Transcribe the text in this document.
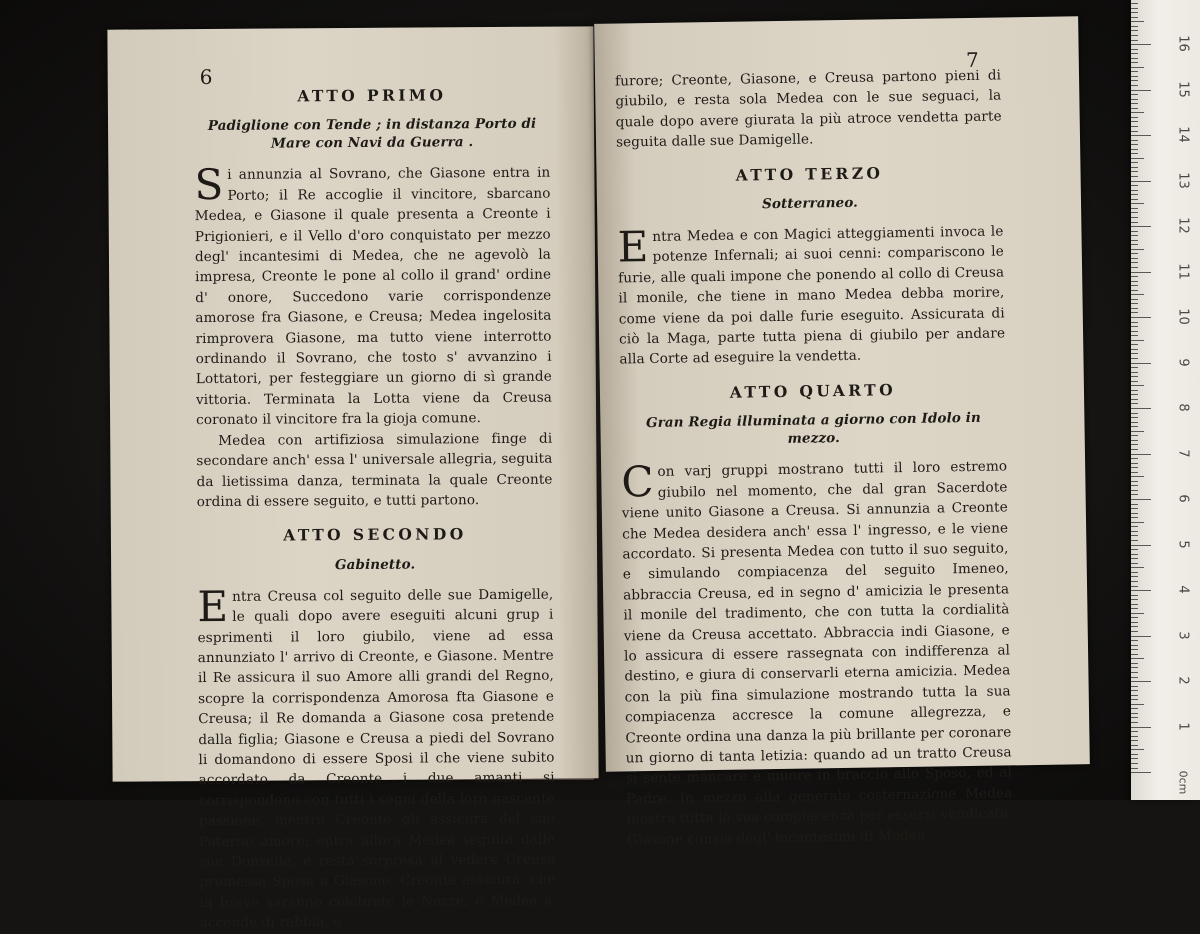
6
ATTO PRIMO
Padiglione con Tende ; in distanza Porto di Mare con Navi da Guerra .

Si annunzia al Sovrano, che Giasone entra in Porto; il Re accoglie il vincitore, sbarcano Medea, e Giasone il quale presenta a Creonte i Prigionieri, e il Vello d'oro conquistato per mezzo degl' incantesimi di Medea, che ne agevolò la impresa, Creonte le pone al collo il grand' ordine d' onore, Succedono varie corrispondenze amorose fra Giasone, e Creusa; Medea ingelosita rimprovera Giasone, ma tutto viene interrotto ordinando il Sovrano, che tosto s' avvanzino i Lottatori, per festeggiare un giorno di sì grande vittoria. Terminata la Lotta viene da Creusa coronato il vincitore fra la gioja comune.

Medea con artifiziosa simulazione finge di secondare anch' essa l' universale allegria, seguita da lietissima danza, terminata la quale Creonte ordina di essere seguito, e tutti partono.

ATTO SECONDO
Gabinetto.

Entra Creusa col seguito delle sue Damigelle, le quali dopo avere eseguiti alcuni grup i esprimenti il loro giubilo, viene ad essa annunziato l' arrivo di Creonte, e Giasone. Mentre il Re assicura il suo Amore alli grandi del Regno, scopre la corrispondenza Amorosa fta Giasone e Creusa; il Re domanda a Giasone cosa pretende dalla figlia; Giasone e Creusa a piedi del Sovrano li domandono di essere Sposi il che viene subito accordato da Creonte i due amanti si corrispondono con tutti i segni della loro nascente passione, mentre Creonte gli assicura del suo Paterno amore; entra allora Medea seguita dalle sue Donzelle, e resta sorpresa al vedere Creusa promessa Sposa a Giasone, Creonte assicura, che in breve saranno celebrate le Nozze, e Medea s' accende di rabbia, e

7

furore; Creonte, Giasone, e Creusa partono pieni di giubilo, e resta sola Medea con le sue seguaci, la quale dopo avere giurata la più atroce vendetta parte seguita dalle sue Damigelle.

ATTO TERZO
Sotterraneo.

Entra Medea e con Magici atteggiamenti invoca le potenze Infernali; ai suoi cenni: compariscono le furie, alle quali impone che ponendo al collo di Creusa il monile, che tiene in mano Medea debba morire, come viene da poi dalle furie eseguito. Assicurata di ciò la Maga, parte tutta piena di giubilo per andare alla Corte ad eseguire la vendetta.

ATTO QUARTO
Gran Regia illuminata a giorno con Idolo in mezzo.

Con varj gruppi mostrano tutti il loro estremo giubilo nel momento, che dal gran Sacerdote viene unito Giasone a Creusa. Si annunzia a Creonte che Medea desidera anch' essa l' ingresso, e le viene accordato. Si presenta Medea con tutto il suo seguito, e simulando compiacenza del seguito Imeneo, abbraccia Creusa, ed in segno d' amicizia le presenta il monile del tradimento, che con tutta la cordialità viene da Creusa accettato. Abbraccia indi Giasone, e lo assicura di essere rassegnata con indifferenza al destino, e giura di conservarli eterna amicizia. Medea con la più fina simulazione mostrando tutta la sua compiacenza accresce la comune allegrezza, e Creonte ordina una danza la più brillante per coronare un giorno di tanta letizia: quando ad un tratto Creusa si sente mancare e muore in braccio allo Sposo, ed al Padre. In mezzo alla generale costernazione Medea mostra tutta la sua compiacenza per essersi vendicata. Giasone consio degl' incantesimi di Medea

16
15
14
13
12
11
10
9
8
7
6
5
4
3
2
1
0cm
